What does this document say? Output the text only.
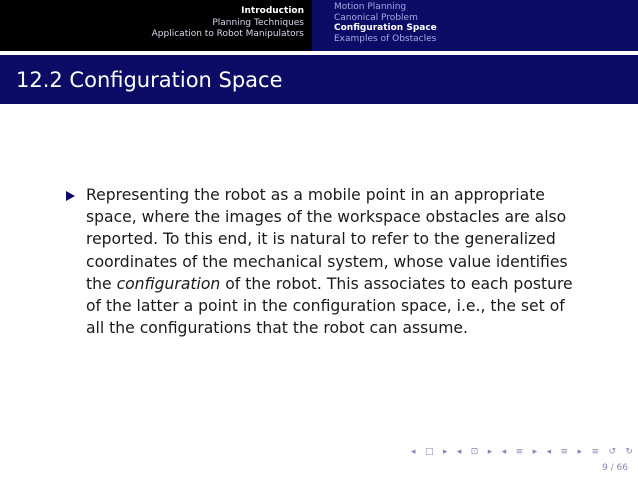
Introduction
Planning Techniques
Application to Robot Manipulators
Motion Planning
Canonical Problem
Configuration Space
Examples of Obstacles
12.2 Configuration Space
Representing the robot as a mobile point in an appropriate space, where the images of the workspace obstacles are also reported. To this end, it is natural to refer to the generalized coordinates of the mechanical system, whose value identifies the configuration of the robot. This associates to each posture of the latter a point in the configuration space, i.e., the set of all the configurations that the robot can assume.
◂ □ ▸ ◂ ⊡ ▸ ◂ ≡ ▸ ◂ ≡ ▸ ≡ ↺ ↻
9 / 66
